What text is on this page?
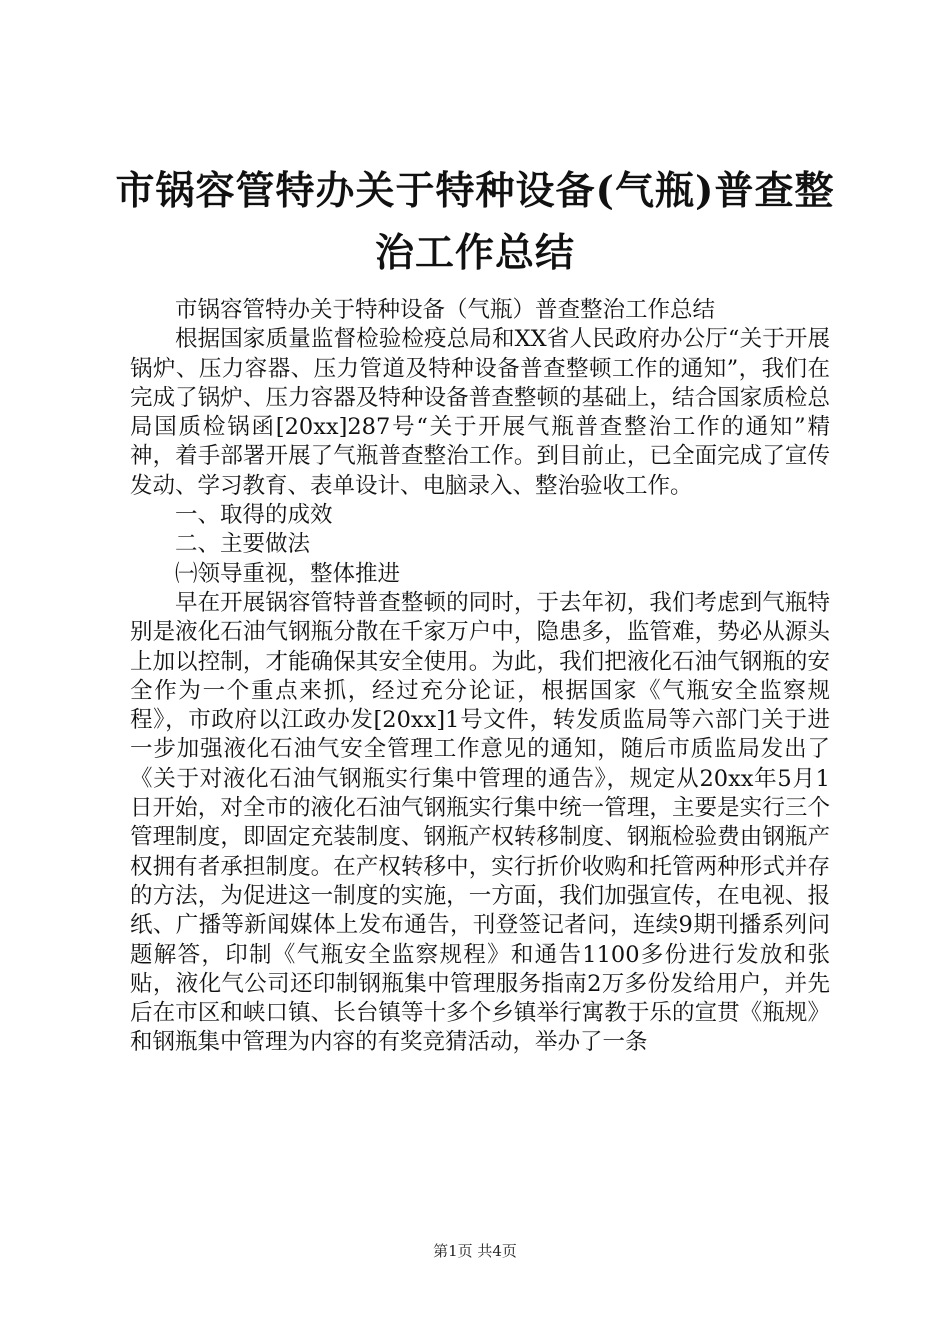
市锅容管特办关于特种设备(气瓶)普查整治工作总结

市锅容管特办关于特种设备（气瓶）普查整治工作总结

根据国家质量监督检验检疫总局和XX省人民政府办公厅“关于开展锅炉、压力容器、压力管道及特种设备普查整顿工作的通知”，我们在完成了锅炉、压力容器及特种设备普查整顿的基础上，结合国家质检总局国质检锅函[20xx]287号“关于开展气瓶普查整治工作的通知”精神，着手部署开展了气瓶普查整治工作。到目前止，已全面完成了宣传发动、学习教育、表单设计、电脑录入、整治验收工作。

一、取得的成效

二、主要做法

㈠领导重视，整体推进

早在开展锅容管特普查整顿的同时，于去年初，我们考虑到气瓶特别是液化石油气钢瓶分散在千家万户中，隐患多，监管难，势必从源头上加以控制，才能确保其安全使用。为此，我们把液化石油气钢瓶的安全作为一个重点来抓，经过充分论证，根据国家《气瓶安全监察规程》，市政府以江政办发[20xx]1号文件，转发质监局等六部门关于进一步加强液化石油气安全管理工作意见的通知，随后市质监局发出了《关于对液化石油气钢瓶实行集中管理的通告》，规定从20xx年5月1日开始，对全市的液化石油气钢瓶实行集中统一管理，主要是实行三个管理制度，即固定充装制度、钢瓶产权转移制度、钢瓶检验费由钢瓶产权拥有者承担制度。在产权转移中，实行折价收购和托管两种形式并存的方法，为促进这一制度的实施，一方面，我们加强宣传，在电视、报纸、广播等新闻媒体上发布通告，刊登签记者问，连续9期刊播系列问题解答，印制《气瓶安全监察规程》和通告1100多份进行发放和张贴，液化气公司还印制钢瓶集中管理服务指南2万多份发给用户，并先后在市区和峡口镇、长台镇等十多个乡镇举行寓教于乐的宣贯《瓶规》和钢瓶集中管理为内容的有奖竞猜活动，举办了一条

第1页 共4页
